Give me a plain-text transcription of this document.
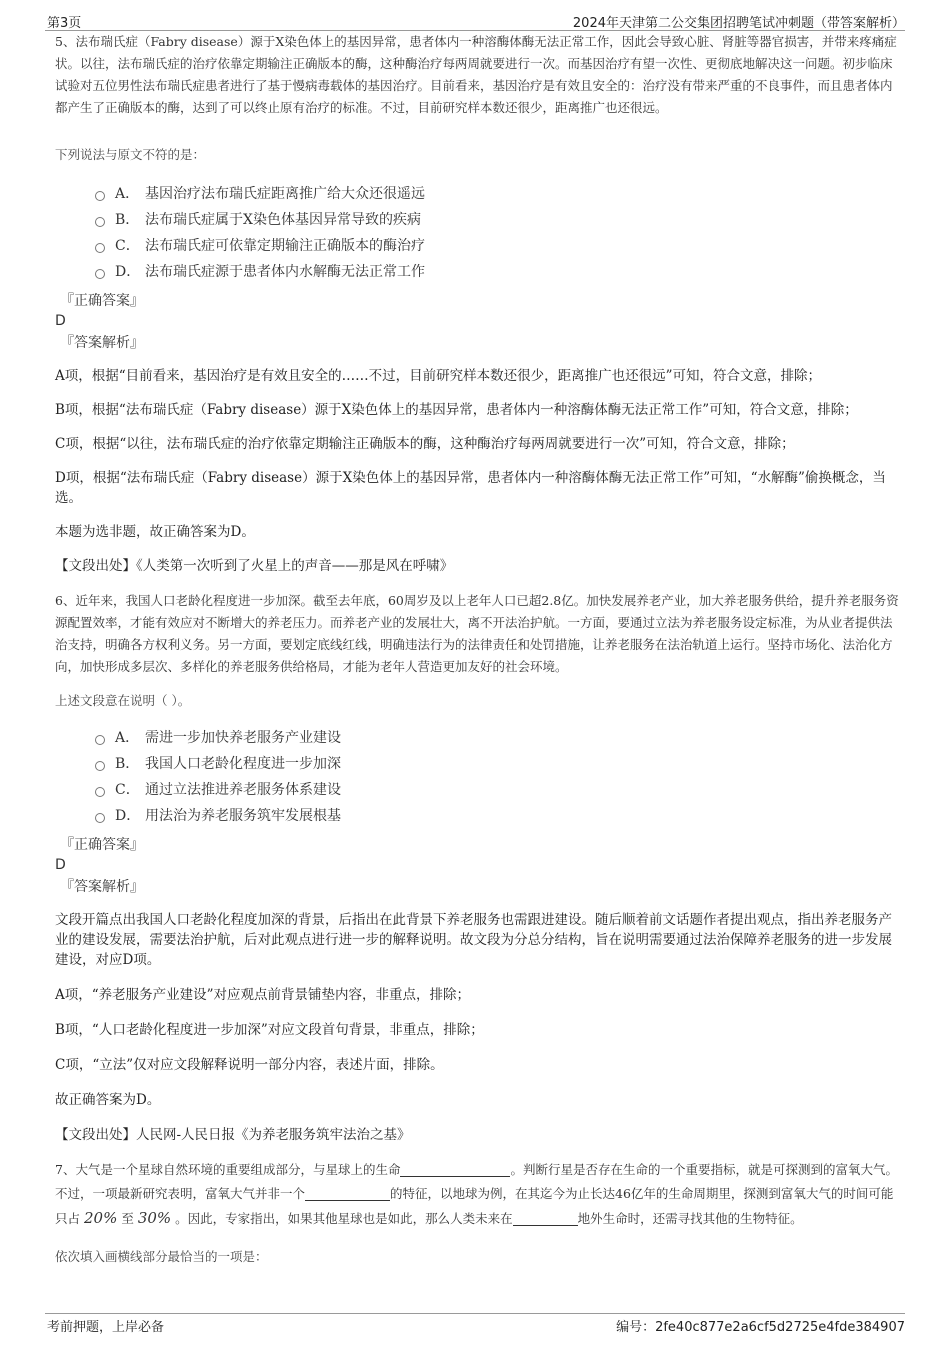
第3页	2024年天津第二公交集团招聘笔试冲刺题（带答案解析）

5、法布瑞氏症（Fabry disease）源于X染色体上的基因异常，患者体内一种溶酶体酶无法正常工作，因此会导致心脏、肾脏等器官损害，并带来疼痛症状。以往，法布瑞氏症的治疗依靠定期输注正确版本的酶，这种酶治疗每两周就要进行一次。而基因治疗有望一次性、更彻底地解决这一问题。初步临床试验对五位男性法布瑞氏症患者进行了基于慢病毒载体的基因治疗。目前看来，基因治疗是有效且安全的：治疗没有带来严重的不良事件，而且患者体内都产生了正确版本的酶，达到了可以终止原有治疗的标准。不过，目前研究样本数还很少，距离推广也还很远。

下列说法与原文不符的是：

A． 基因治疗法布瑞氏症距离推广给大众还很遥远
B． 法布瑞氏症属于X染色体基因异常导致的疾病
C． 法布瑞氏症可依靠定期输注正确版本的酶治疗
D． 法布瑞氏症源于患者体内水解酶无法正常工作

『正确答案』

D

『答案解析』

A项，根据“目前看来，基因治疗是有效且安全的……不过，目前研究样本数还很少，距离推广也还很远”可知，符合文意，排除；

B项，根据“法布瑞氏症（Fabry disease）源于X染色体上的基因异常，患者体内一种溶酶体酶无法正常工作”可知，符合文意，排除；

C项，根据“以往，法布瑞氏症的治疗依靠定期输注正确版本的酶，这种酶治疗每两周就要进行一次”可知，符合文意，排除；

D项，根据“法布瑞氏症（Fabry disease）源于X染色体上的基因异常，患者体内一种溶酶体酶无法正常工作”可知，“水解酶”偷换概念，当选。

本题为选非题，故正确答案为D。

【文段出处】《人类第一次听到了火星上的声音——那是风在呼啸》

6、近年来，我国人口老龄化程度进一步加深。截至去年底，60周岁及以上老年人口已超2.8亿。加快发展养老产业，加大养老服务供给，提升养老服务资源配置效率，才能有效应对不断增大的养老压力。而养老产业的发展壮大，离不开法治护航。一方面，要通过立法为养老服务设定标准，为从业者提供法治支持，明确各方权利义务。另一方面，要划定底线红线，明确违法行为的法律责任和处罚措施，让养老服务在法治轨道上运行。坚持市场化、法治化方向，加快形成多层次、多样化的养老服务供给格局，才能为老年人营造更加友好的社会环境。

上述文段意在说明（ ）。

A． 需进一步加快养老服务产业建设
B． 我国人口老龄化程度进一步加深
C． 通过立法推进养老服务体系建设
D． 用法治为养老服务筑牢发展根基

『正确答案』

D

『答案解析』

文段开篇点出我国人口老龄化程度加深的背景，后指出在此背景下养老服务也需跟进建设。随后顺着前文话题作者提出观点，指出养老服务产业的建设发展，需要法治护航，后对此观点进行进一步的解释说明。故文段为分总分结构，旨在说明需要通过法治保障养老服务的进一步发展建设，对应D项。

A项，“养老服务产业建设”对应观点前背景铺垫内容，非重点，排除；

B项，“人口老龄化程度进一步加深”对应文段首句背景，非重点，排除；

C项，“立法”仅对应文段解释说明一部分内容，表述片面，排除。

故正确答案为D。

【文段出处】人民网-人民日报《为养老服务筑牢法治之基》

7、大气是一个星球自然环境的重要组成部分，与星球上的生命	。判断行星是否存在生命的一个重要指标，就是可探测到的富氧大气。不过，一项最新研究表明，富氧大气并非一个	的特征，以地球为例，在其迄今为止长达46亿年的生命周期里，探测到富氧大气的时间可能只占 20% 至 30% 。因此，专家指出，如果其他星球也是如此，那么人类未来在	地外生命时，还需寻找其他的生物特征。

依次填入画横线部分最恰当的一项是：

考前押题，上岸必备	编号：2fe40c877e2a6cf5d2725e4fde384907
